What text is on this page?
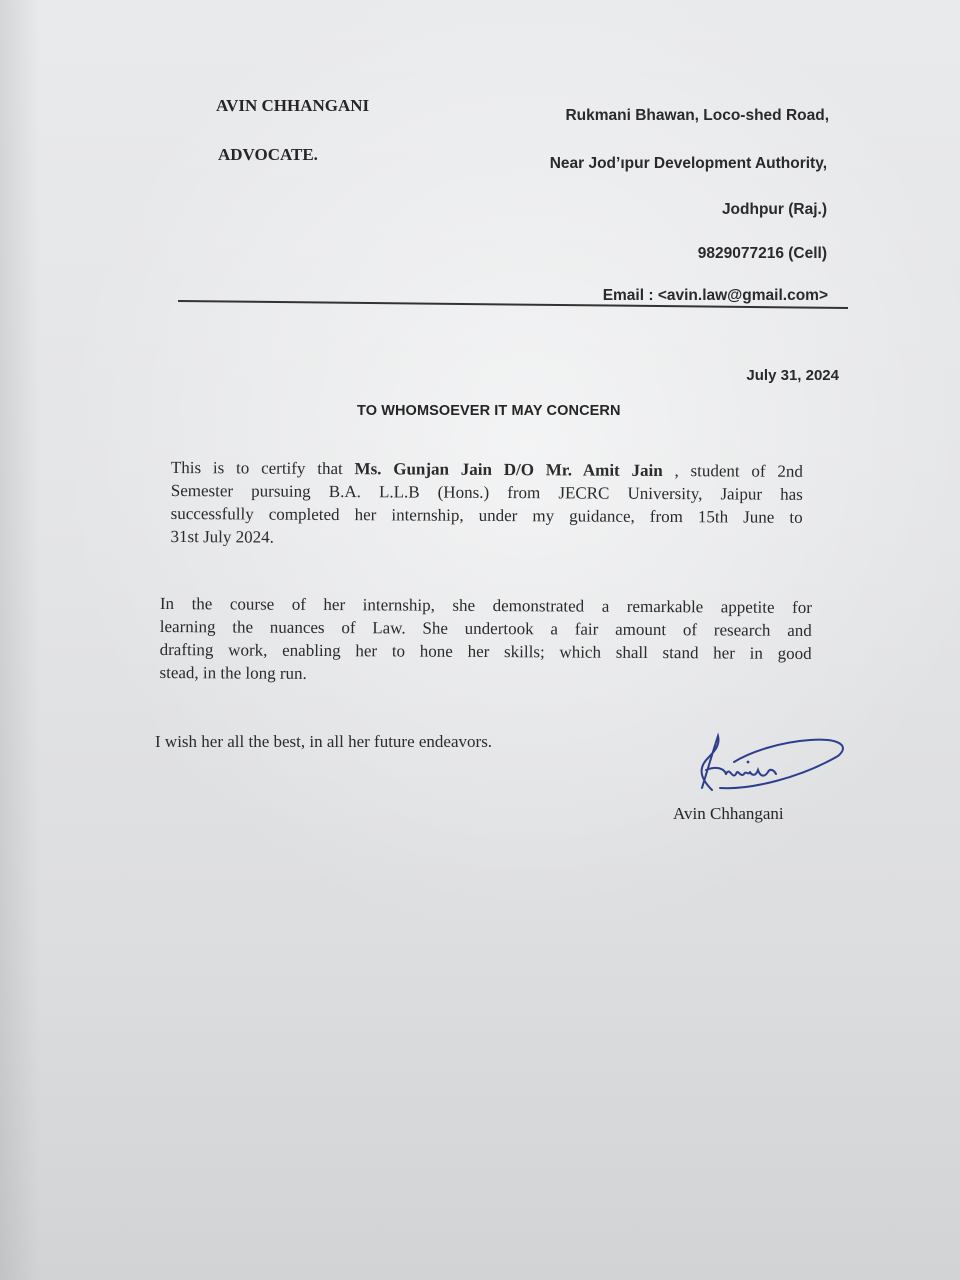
AVIN CHHANGANI
ADVOCATE.
Rukmani Bhawan, Loco-shed Road,
Near Jod’ıpur Development Authority,
Jodhpur (Raj.)
9829077216 (Cell)
Email : <avin.law@gmail.com>
July 31, 2024
TO WHOMSOEVER IT MAY CONCERN
This is to certify that Ms. Gunjan Jain D/O Mr. Amit Jain , student of 2nd
Semester pursuing B.A. L.L.B (Hons.) from JECRC University, Jaipur has
successfully completed her internship, under my guidance, from 15th June to
31st July 2024.
In the course of her internship, she demonstrated a remarkable appetite for
learning the nuances of Law. She undertook a fair amount of research and
drafting work, enabling her to hone her skills; which shall stand her in good
stead, in the long run.
I wish her all the best, in all her future endeavors.
Avin Chhangani
